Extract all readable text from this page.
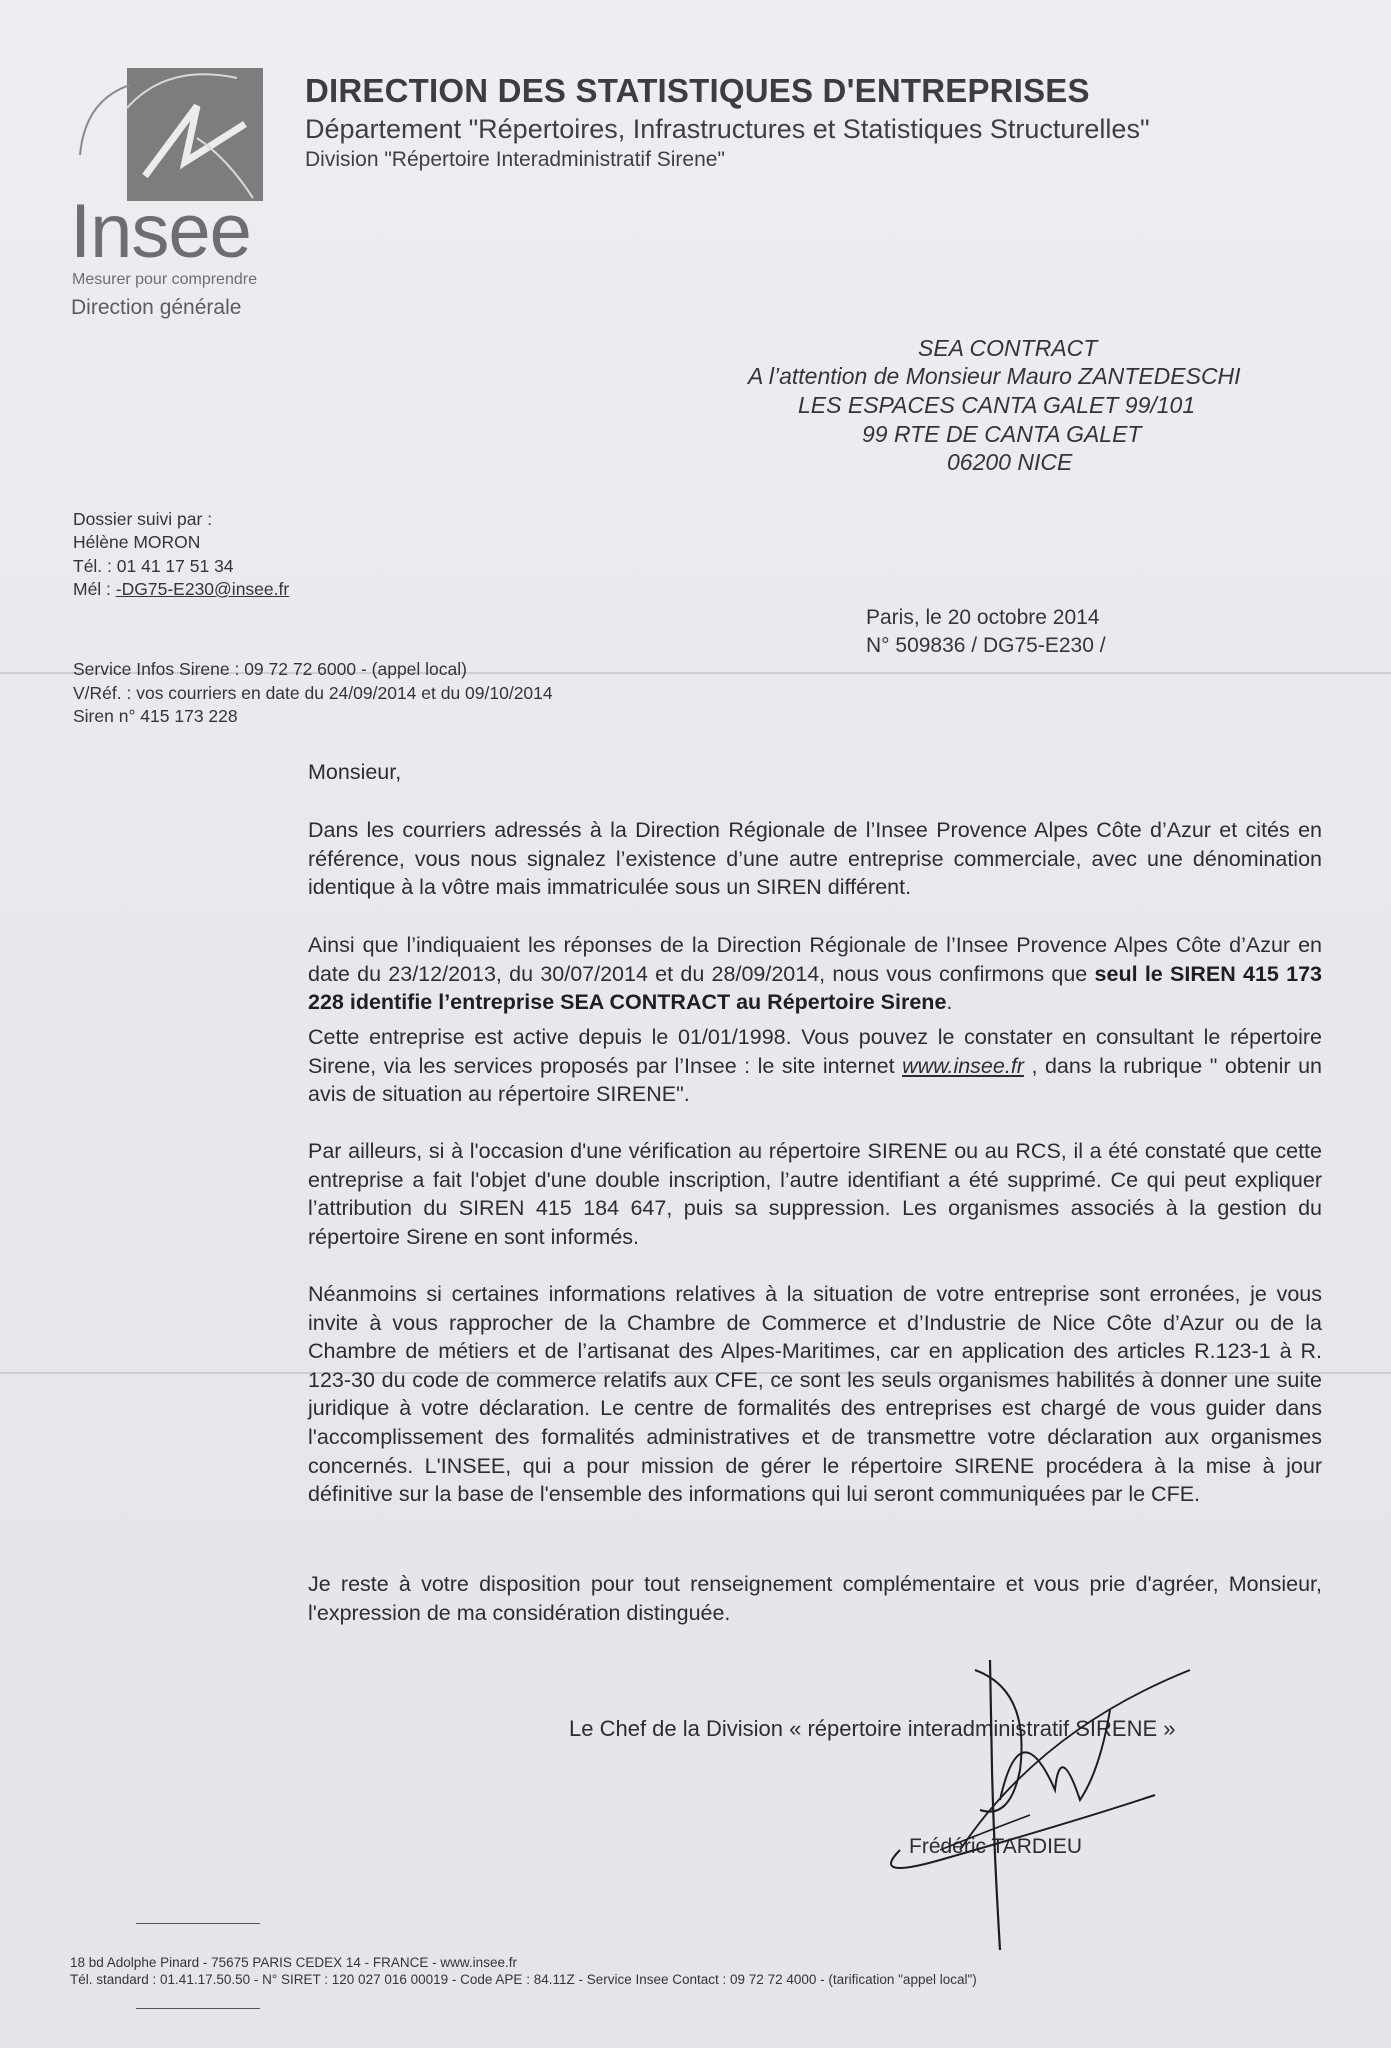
Insee
Mesurer pour comprendre
Direction générale
DIRECTION DES STATISTIQUES D'ENTREPRISES
Département "Répertoires, Infrastructures et Statistiques Structurelles"
Division "Répertoire Interadministratif Sirene"
SEA CONTRACT
A l’attention de Monsieur Mauro ZANTEDESCHI
LES ESPACES CANTA GALET 99/101
99 RTE DE CANTA GALET
06200 NICE
Dossier suivi par :
Hélène MORON
Tél. : 01 41 17 51 34
Mél : -DG75-E230@insee.fr
Paris, le 20 octobre 2014
N° 509836 / DG75-E230 /
Service Infos Sirene : 09 72 72 6000 - (appel local)
V/Réf. : vos courriers en date du 24/09/2014 et du 09/10/2014
Siren n° 415 173 228
Monsieur,
Dans les courriers adressés à la Direction Régionale de l’Insee Provence Alpes Côte d’Azur et cités en référence, vous nous signalez l’existence d’une autre entreprise commerciale, avec une dénomination identique à la vôtre mais immatriculée sous un SIREN différent.
Ainsi que l’indiquaient les réponses de la Direction Régionale de l’Insee Provence Alpes Côte d’Azur en date du 23/12/2013, du 30/07/2014 et du 28/09/2014, nous vous confirmons que seul le SIREN 415 173 228 identifie l’entreprise SEA CONTRACT au Répertoire Sirene.
Cette entreprise est active depuis le 01/01/1998. Vous pouvez le constater en consultant le répertoire Sirene, via les services proposés par l’Insee : le site internet www.insee.fr , dans la rubrique " obtenir un avis de situation au répertoire SIRENE".
Par ailleurs, si à l'occasion d'une vérification au répertoire SIRENE ou au RCS, il a été constaté que cette entreprise a fait l'objet d'une double inscription, l’autre identifiant a été supprimé. Ce qui peut expliquer l’attribution du SIREN 415 184 647, puis sa suppression. Les organismes associés à la gestion du répertoire Sirene en sont informés.
Néanmoins si certaines informations relatives à la situation de votre entreprise sont erronées, je vous invite à vous rapprocher de la Chambre de Commerce et d’Industrie de Nice Côte d’Azur ou de la Chambre de métiers et de l’artisanat des Alpes-Maritimes, car en application des articles R.123-1 à R. 123-30 du code de commerce relatifs aux CFE, ce sont les seuls organismes habilités à donner une suite juridique à votre déclaration. Le centre de formalités des entreprises est chargé de vous guider dans l'accomplissement des formalités administratives et de transmettre votre déclaration aux organismes concernés. L'INSEE, qui a pour mission de gérer le répertoire SIRENE procédera à la mise à jour définitive sur la base de l'ensemble des informations qui lui seront communiquées par le CFE.
Je reste à votre disposition pour tout renseignement complémentaire et vous prie d'agréer, Monsieur, l'expression de ma considération distinguée.
Le Chef de la Division « répertoire interadministratif SIRENE »
Frédéric TARDIEU
18 bd Adolphe Pinard - 75675 PARIS CEDEX 14 - FRANCE - www.insee.fr
Tél. standard : 01.41.17.50.50 - N° SIRET : 120 027 016 00019 - Code APE : 84.11Z - Service Insee Contact : 09 72 72 4000 - (tarification "appel local")
